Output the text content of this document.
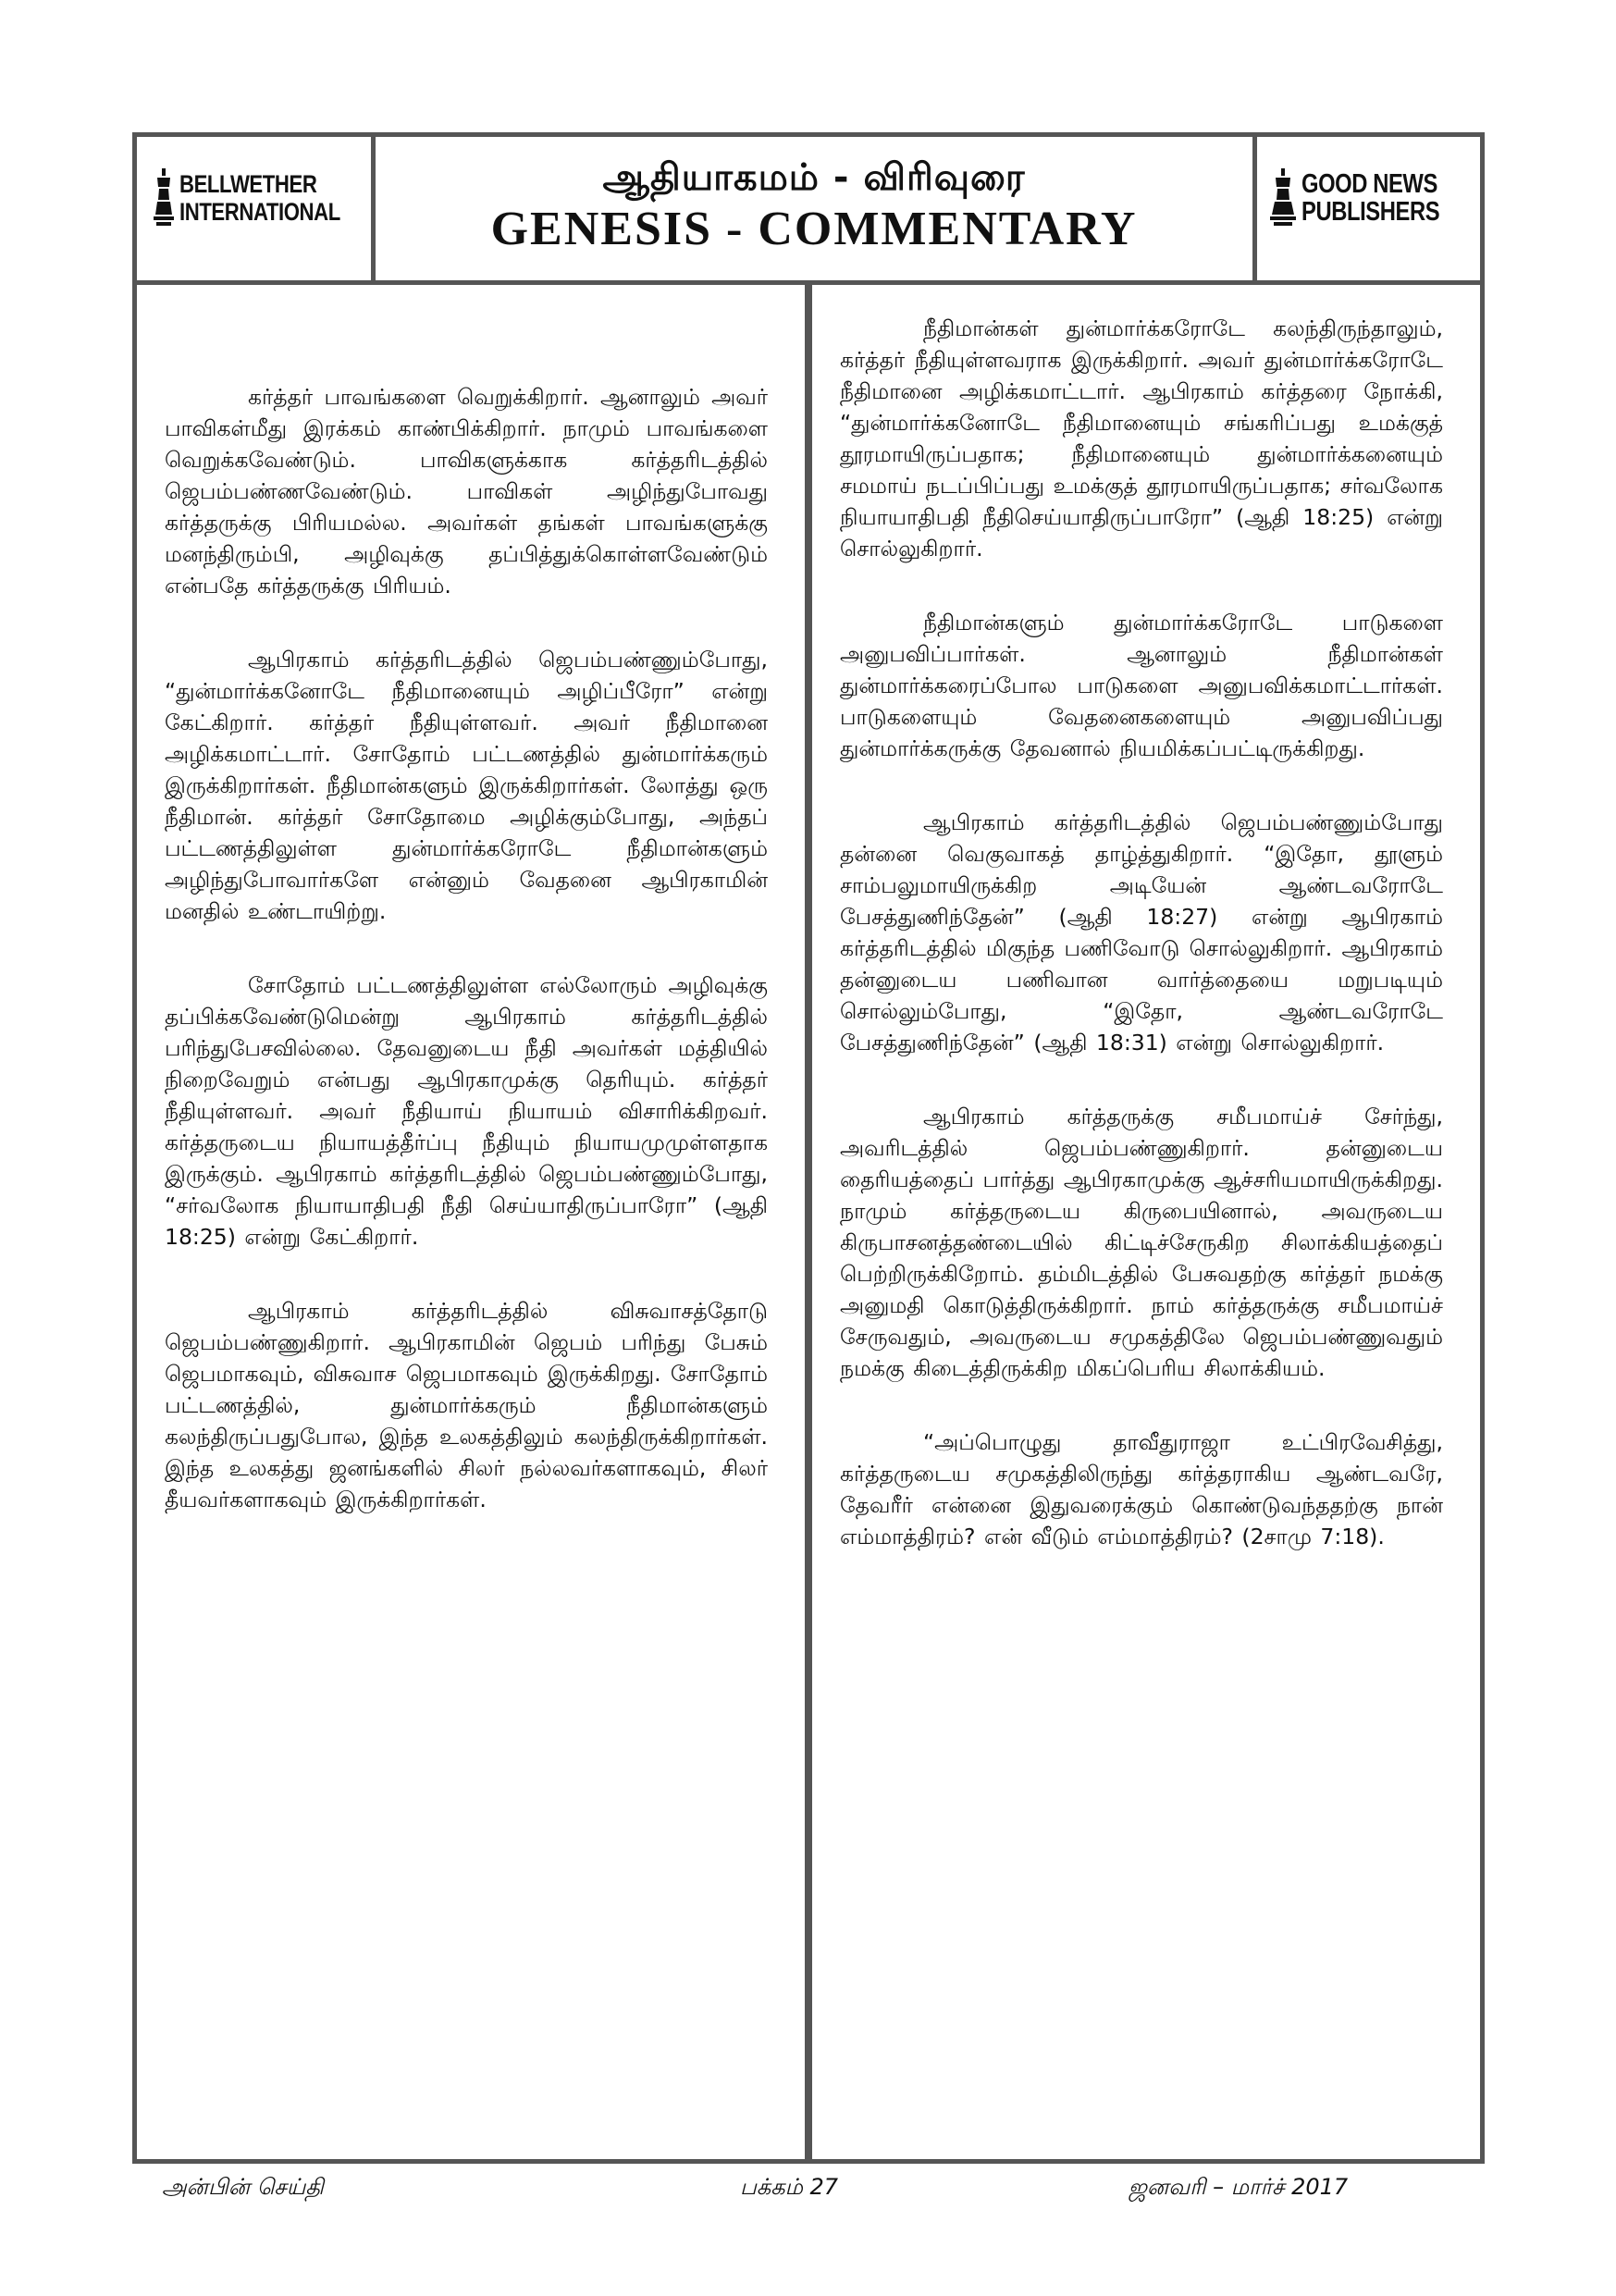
BELLWETHER
INTERNATIONAL
ஆதியாகமம் - விரிவுரை
GENESIS - COMMENTARY
GOOD NEWS
PUBLISHERS

கர்த்தர் பாவங்களை வெறுக்கிறார். ஆனாலும் அவர் பாவிகள்மீது இரக்கம் காண்பிக்கிறார். நாமும் பாவங்களை வெறுக்கவேண்டும். பாவிகளுக்காக கர்த்தரிடத்தில் ஜெபம்பண்ணவேண்டும். பாவிகள் அழிந்துபோவது கர்த்தருக்கு பிரியமல்ல. அவர்கள் தங்கள் பாவங்களுக்கு மனந்திரும்பி, அழிவுக்கு தப்பித்துக்கொள்ளவேண்டும் என்பதே கர்த்தருக்கு பிரியம்.

ஆபிரகாம் கர்த்தரிடத்தில் ஜெபம்பண்ணும்போது, “துன்மார்க்கனோடே நீதிமானையும் அழிப்பீரோ” என்று கேட்கிறார். கர்த்தர் நீதியுள்ளவர். அவர் நீதிமானை அழிக்கமாட்டார். சோதோம் பட்டணத்தில் துன்மார்க்கரும் இருக்கிறார்கள். நீதிமான்களும் இருக்கிறார்கள். லோத்து ஒரு நீதிமான். கர்த்தர் சோதோமை அழிக்கும்போது, அந்தப் பட்டணத்திலுள்ள துன்மார்க்கரோடே நீதிமான்களும் அழிந்துபோவார்களே என்னும் வேதனை ஆபிரகாமின் மனதில் உண்டாயிற்று.

சோதோம் பட்டணத்திலுள்ள எல்லோரும் அழிவுக்கு தப்பிக்கவேண்டுமென்று ஆபிரகாம் கர்த்தரிடத்தில் பரிந்துபேசவில்லை. தேவனுடைய நீதி அவர்கள் மத்தியில் நிறைவேறும் என்பது ஆபிரகாமுக்கு தெரியும். கர்த்தர் நீதியுள்ளவர். அவர் நீதியாய் நியாயம் விசாரிக்கிறவர். கர்த்தருடைய நியாயத்தீர்ப்பு நீதியும் நியாயமுமுள்ளதாக இருக்கும். ஆபிரகாம் கர்த்தரிடத்தில் ஜெபம்பண்ணும்போது, “சர்வலோக நியாயாதிபதி நீதி செய்யாதிருப்பாரோ” (ஆதி 18:25) என்று கேட்கிறார்.

ஆபிரகாம் கர்த்தரிடத்தில் விசுவாசத்தோடு ஜெபம்பண்ணுகிறார். ஆபிரகாமின் ஜெபம் பரிந்து பேசும் ஜெபமாகவும், விசுவாச ஜெபமாகவும் இருக்கிறது. சோதோம் பட்டணத்தில், துன்மார்க்கரும் நீதிமான்களும் கலந்திருப்பதுபோல, இந்த உலகத்திலும் கலந்திருக்கிறார்கள். இந்த உலகத்து ஜனங்களில் சிலர் நல்லவர்களாகவும், சிலர் தீயவர்களாகவும் இருக்கிறார்கள்.

நீதிமான்கள் துன்மார்க்கரோடே கலந்திருந்தாலும், கர்த்தர் நீதியுள்ளவராக இருக்கிறார். அவர் துன்மார்க்கரோடே நீதிமானை அழிக்கமாட்டார். ஆபிரகாம் கர்த்தரை நோக்கி, “துன்மார்க்கனோடே நீதிமானையும் சங்கரிப்பது உமக்குத் தூரமாயிருப்பதாக; நீதிமானையும் துன்மார்க்கனையும் சமமாய் நடப்பிப்பது உமக்குத் தூரமாயிருப்பதாக; சர்வலோக நியாயாதிபதி நீதிசெய்யாதிருப்பாரோ” (ஆதி 18:25) என்று சொல்லுகிறார்.

நீதிமான்களும் துன்மார்க்கரோடே பாடுகளை அனுபவிப்பார்கள். ஆனாலும் நீதிமான்கள் துன்மார்க்கரைப்போல பாடுகளை அனுபவிக்கமாட்டார்கள். பாடுகளையும் வேதனைகளையும் அனுபவிப்பது துன்மார்க்கருக்கு தேவனால் நியமிக்கப்பட்டிருக்கிறது.

ஆபிரகாம் கர்த்தரிடத்தில் ஜெபம்பண்ணும்போது தன்னை வெகுவாகத் தாழ்த்துகிறார். “இதோ, தூளும் சாம்பலுமாயிருக்கிற அடியேன் ஆண்டவரோடே பேசத்துணிந்தேன்” (ஆதி 18:27) என்று ஆபிரகாம் கர்த்தரிடத்தில் மிகுந்த பணிவோடு சொல்லுகிறார். ஆபிரகாம் தன்னுடைய பணிவான வார்த்தையை மறுபடியும் சொல்லும்போது, “இதோ, ஆண்டவரோடே பேசத்துணிந்தேன்” (ஆதி 18:31) என்று சொல்லுகிறார்.

ஆபிரகாம் கர்த்தருக்கு சமீபமாய்ச் சேர்ந்து, அவரிடத்தில் ஜெபம்பண்ணுகிறார். தன்னுடைய தைரியத்தைப் பார்த்து ஆபிரகாமுக்கு ஆச்சரியமாயிருக்கிறது. நாமும் கர்த்தருடைய கிருபையினால், அவருடைய கிருபாசனத்தண்டையில் கிட்டிச்சேருகிற சிலாக்கியத்தைப் பெற்றிருக்கிறோம். தம்மிடத்தில் பேசுவதற்கு கர்த்தர் நமக்கு அனுமதி கொடுத்திருக்கிறார். நாம் கர்த்தருக்கு சமீபமாய்ச் சேருவதும், அவருடைய சமுகத்திலே ஜெபம்பண்ணுவதும் நமக்கு கிடைத்திருக்கிற மிகப்பெரிய சிலாக்கியம்.

“அப்பொழுது தாவீதுராஜா உட்பிரவேசித்து, கர்த்தருடைய சமுகத்திலிருந்து கர்த்தராகிய ஆண்டவரே, தேவரீர் என்னை இதுவரைக்கும் கொண்டுவந்ததற்கு நான் எம்மாத்திரம்? என் வீடும் எம்மாத்திரம்? (2சாமு 7:18).

அன்பின் செய்தி	பக்கம் 27	ஜனவரி – மார்ச் 2017
